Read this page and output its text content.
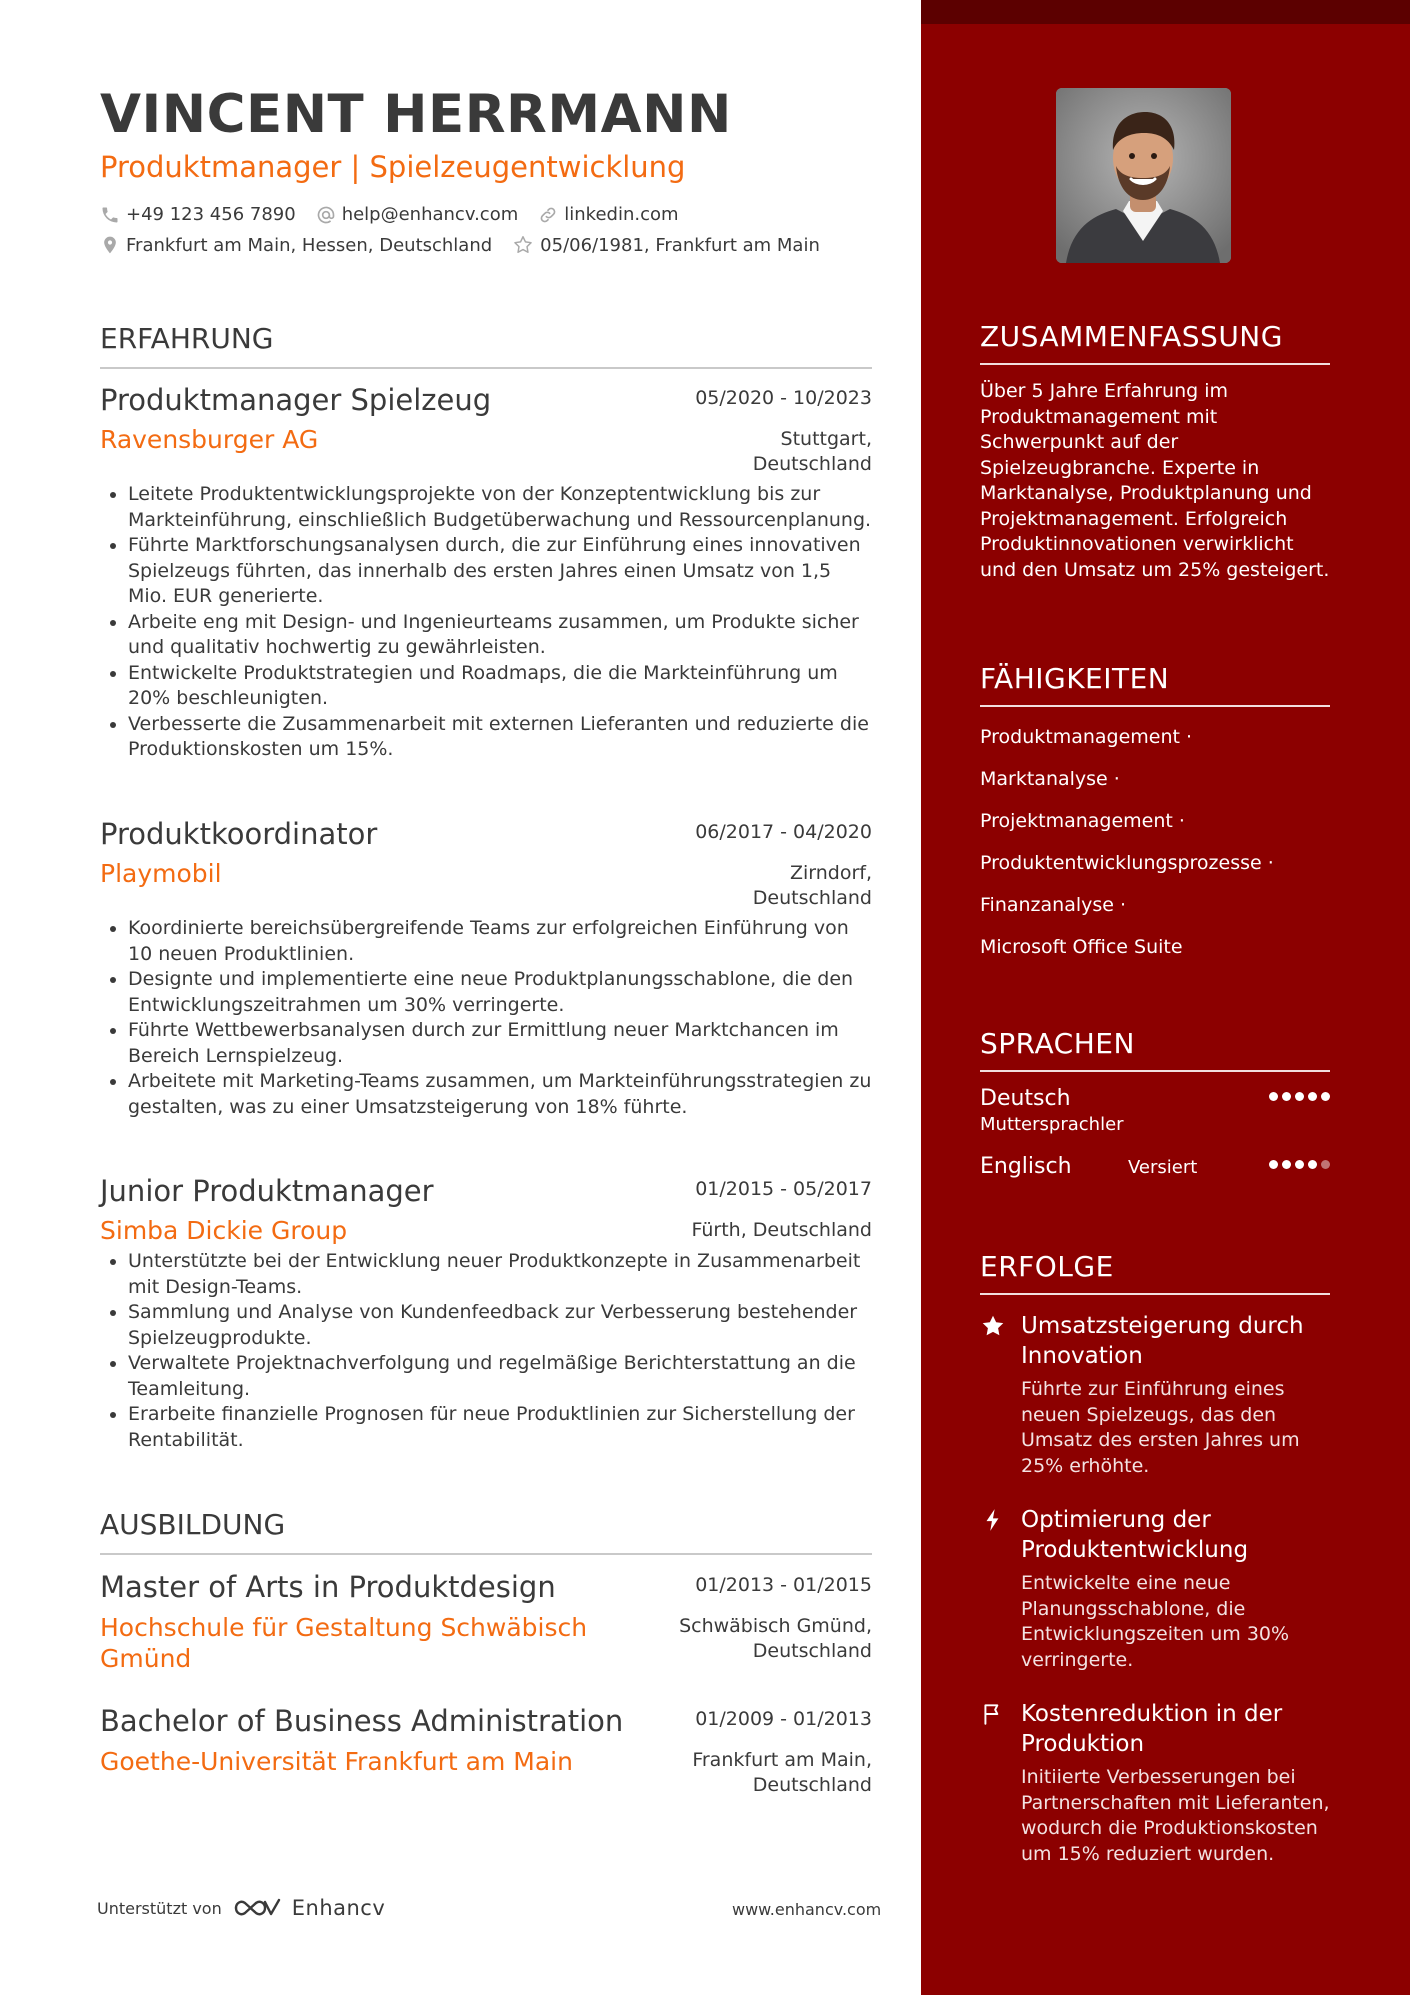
VINCENT HERRMANN
Produktmanager | Spielzeugentwicklung
+49 123 456 7890	help@enhancv.com	linkedin.com
Frankfurt am Main, Hessen, Deutschland	05/06/1981, Frankfurt am Main
ERFAHRUNG
Produktmanager Spielzeug	05/2020 - 10/2023
Ravensburger AG	Stuttgart,
Deutschland
• Leitete Produktentwicklungsprojekte von der Konzeptentwicklung bis zur Markteinführung, einschließlich Budgetüberwachung und Ressourcenplanung.
• Führte Marktforschungsanalysen durch, die zur Einführung eines innovativen Spielzeugs führten, das innerhalb des ersten Jahres einen Umsatz von 1,5 Mio. EUR generierte.
• Arbeite eng mit Design- und Ingenieurteams zusammen, um Produkte sicher und qualitativ hochwertig zu gewährleisten.
• Entwickelte Produktstrategien und Roadmaps, die die Markteinführung um 20% beschleunigten.
• Verbesserte die Zusammenarbeit mit externen Lieferanten und reduzierte die Produktionskosten um 15%.
Produktkoordinator	06/2017 - 04/2020
Playmobil	Zirndorf,
Deutschland
• Koordinierte bereichsübergreifende Teams zur erfolgreichen Einführung von 10 neuen Produktlinien.
• Designte und implementierte eine neue Produktplanungsschablone, die den Entwicklungszeitrahmen um 30% verringerte.
• Führte Wettbewerbsanalysen durch zur Ermittlung neuer Marktchancen im Bereich Lernspielzeug.
• Arbeitete mit Marketing-Teams zusammen, um Markteinführungsstrategien zu gestalten, was zu einer Umsatzsteigerung von 18% führte.
Junior Produktmanager	01/2015 - 05/2017
Simba Dickie Group	Fürth, Deutschland
• Unterstützte bei der Entwicklung neuer Produktkonzepte in Zusammenarbeit mit Design-Teams.
• Sammlung und Analyse von Kundenfeedback zur Verbesserung bestehender Spielzeugprodukte.
• Verwaltete Projektnachverfolgung und regelmäßige Berichterstattung an die Teamleitung.
• Erarbeite finanzielle Prognosen für neue Produktlinien zur Sicherstellung der Rentabilität.
AUSBILDUNG
Master of Arts in Produktdesign	01/2013 - 01/2015
Hochschule für Gestaltung Schwäbisch Gmünd
Schwäbisch Gmünd,
Deutschland
Bachelor of Business Administration	01/2009 - 01/2013
Goethe-Universität Frankfurt am Main	Frankfurt am Main,
Deutschland
Unterstützt von	Enhancv	www.enhancv.com
ZUSAMMENFASSUNG

Über 5 Jahre Erfahrung im Produktmanagement mit Schwerpunkt auf der Spielzeugbranche. Experte in Marktanalyse, Produktplanung und Projektmanagement. Erfolgreich Produktinnovationen verwirklicht und den Umsatz um 25% gesteigert.

FÄHIGKEITEN
Produktmanagement ·
Marktanalyse ·
Projektmanagement ·
Produktentwicklungsprozesse ·
Finanzanalyse ·
Microsoft Office Suite
SPRACHEN
Deutsch
Muttersprachler
Englisch	Versiert
ERFOLGE
Umsatzsteigerung durch Innovation
Führte zur Einführung eines neuen Spielzeugs, das den Umsatz des ersten Jahres um 25% erhöhte.
Optimierung der Produktentwicklung
Entwickelte eine neue Planungsschablone, die Entwicklungszeiten um 30% verringerte.
Kostenreduktion in der Produktion
Initiierte Verbesserungen bei Partnerschaften mit Lieferanten, wodurch die Produktionskosten um 15% reduziert wurden.
